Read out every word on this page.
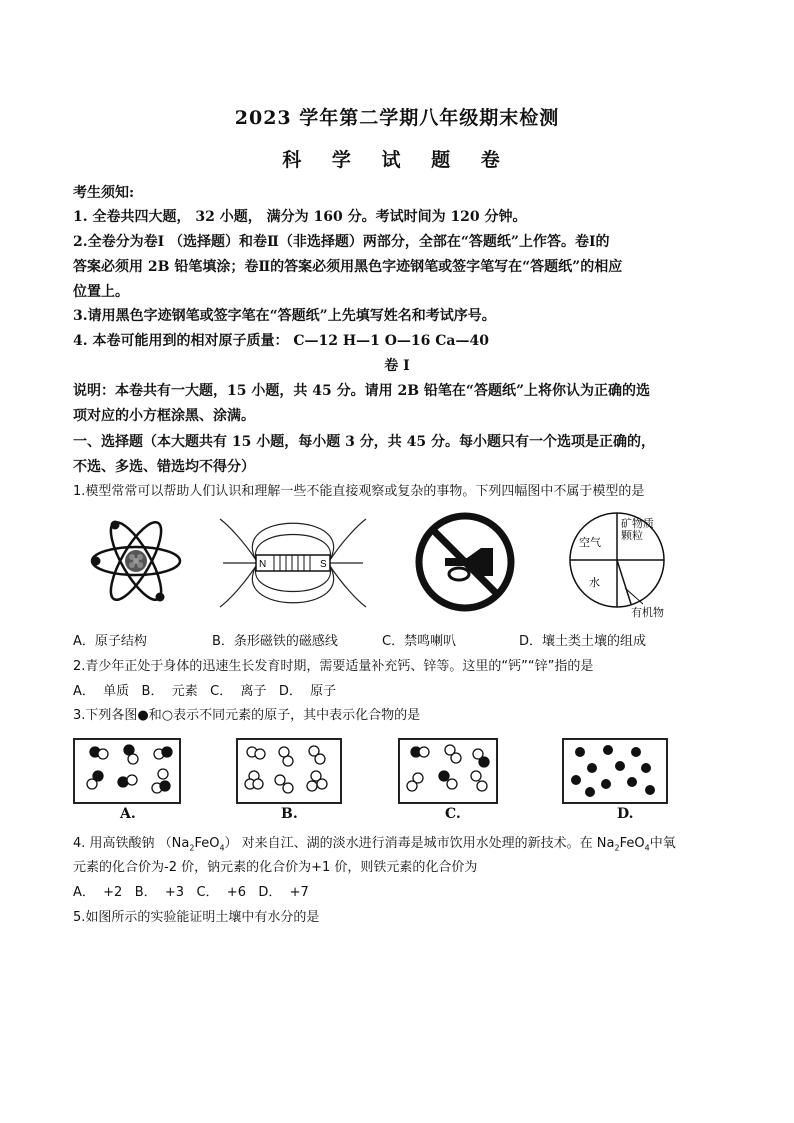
2023 学年第二学期八年级期末检测
科 学 试 题 卷
考生须知:
1. 全卷共四大题， 32 小题， 满分为 160 分。考试时间为 120 分钟。
2.全卷分为卷Ⅰ （选择题）和卷Ⅱ（非选择题）两部分，全部在“答题纸”上作答。卷Ⅰ的
答案必须用 2B 铅笔填涂；卷Ⅱ的答案必须用黑色字迹钢笔或签字笔写在“答题纸”的相应
位置上。
3.请用黑色字迹钢笔或签字笔在“答题纸”上先填写姓名和考试序号。
4. 本卷可能用到的相对原子质量： C—12 H—1 O—16 Ca—40
卷 I
说明：本卷共有一大题，15 小题，共 45 分。请用 2B 铅笔在“答题纸”上将你认为正确的选
项对应的小方框涂黑、涂满。
一、选择题（本大题共有 15 小题，每小题 3 分，共 45 分。每小题只有一个选项是正确的，
不选、多选、错选均不得分）
1.模型常常可以帮助人们认识和理解一些不能直接观察或复杂的事物。下列四幅图中不属于模型的是
N	S
空气
水
矿物质颗粒
有机物
A．原子结构	B．条形磁铁的磁感线	C．禁鸣喇叭	D．壤土类土壤的组成
2.青少年正处于身体的迅速生长发育时期，需要适量补充钙、锌等。这里的“钙”“锌”指的是
A．  单质   B．  元素   C．  离子   D．  原子
3.下列各图●和○表示不同元素的原子，其中表示化合物的是
A.	B.	C.	D.
4. 用高铁酸钠 $(Na_2FeO_4)$ 对来自江、湖的淡水进行消毒是城市饮用水处理的新技术。在 $Na_2FeO_4$中氧
元素的化合价为-2 价，钠元素的化合价为+1 价，则铁元素的化合价为
A．  +2   B．  +3   C．  +6   D．  +7
5.如图所示的实验能证明土壤中有水分的是
